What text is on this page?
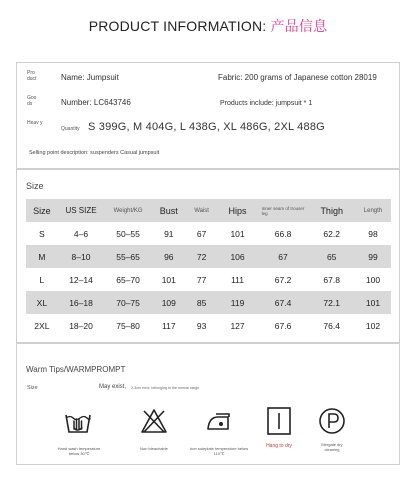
PRODUCT INFORMATION: 产品信息
Pro duct	Name: Jumpsuit	Fabric: 200 grams of Japanese cotton 28019
Goo ds	Number: LC643746	Products include: jumpsuit * 1
Heav y
Quantity S 399G, M 404G, L 438G, XL 486G, 2XL 488G
Selling point description: suspenders Casual jumpsuit
Size
Size	US SIZE	Weight/KG	Bust	Waist	Hips	Inner seam of trouser leg	Thigh	Length
S	4–6	50–55	91	67	101	66.8	62.2	98
M	8–10	55–65	96	72	106	67	65	99
L	12–14	65–70	101	77	111	67.2	67.8	100
XL	16–18	70–75	109	85	119	67.4	72.1	101
2XL	18–20	75–80	117	93	127	67.6	76.4	102
Warm Tips/WARMPROMPT
Size	May exist, 2-3cm error, belonging to the normal range
Hand wash temperature below 30℃
Non bleachable	Iron soleplate temperature below 110℃
Hang to dry	Mergate dry cleaning
